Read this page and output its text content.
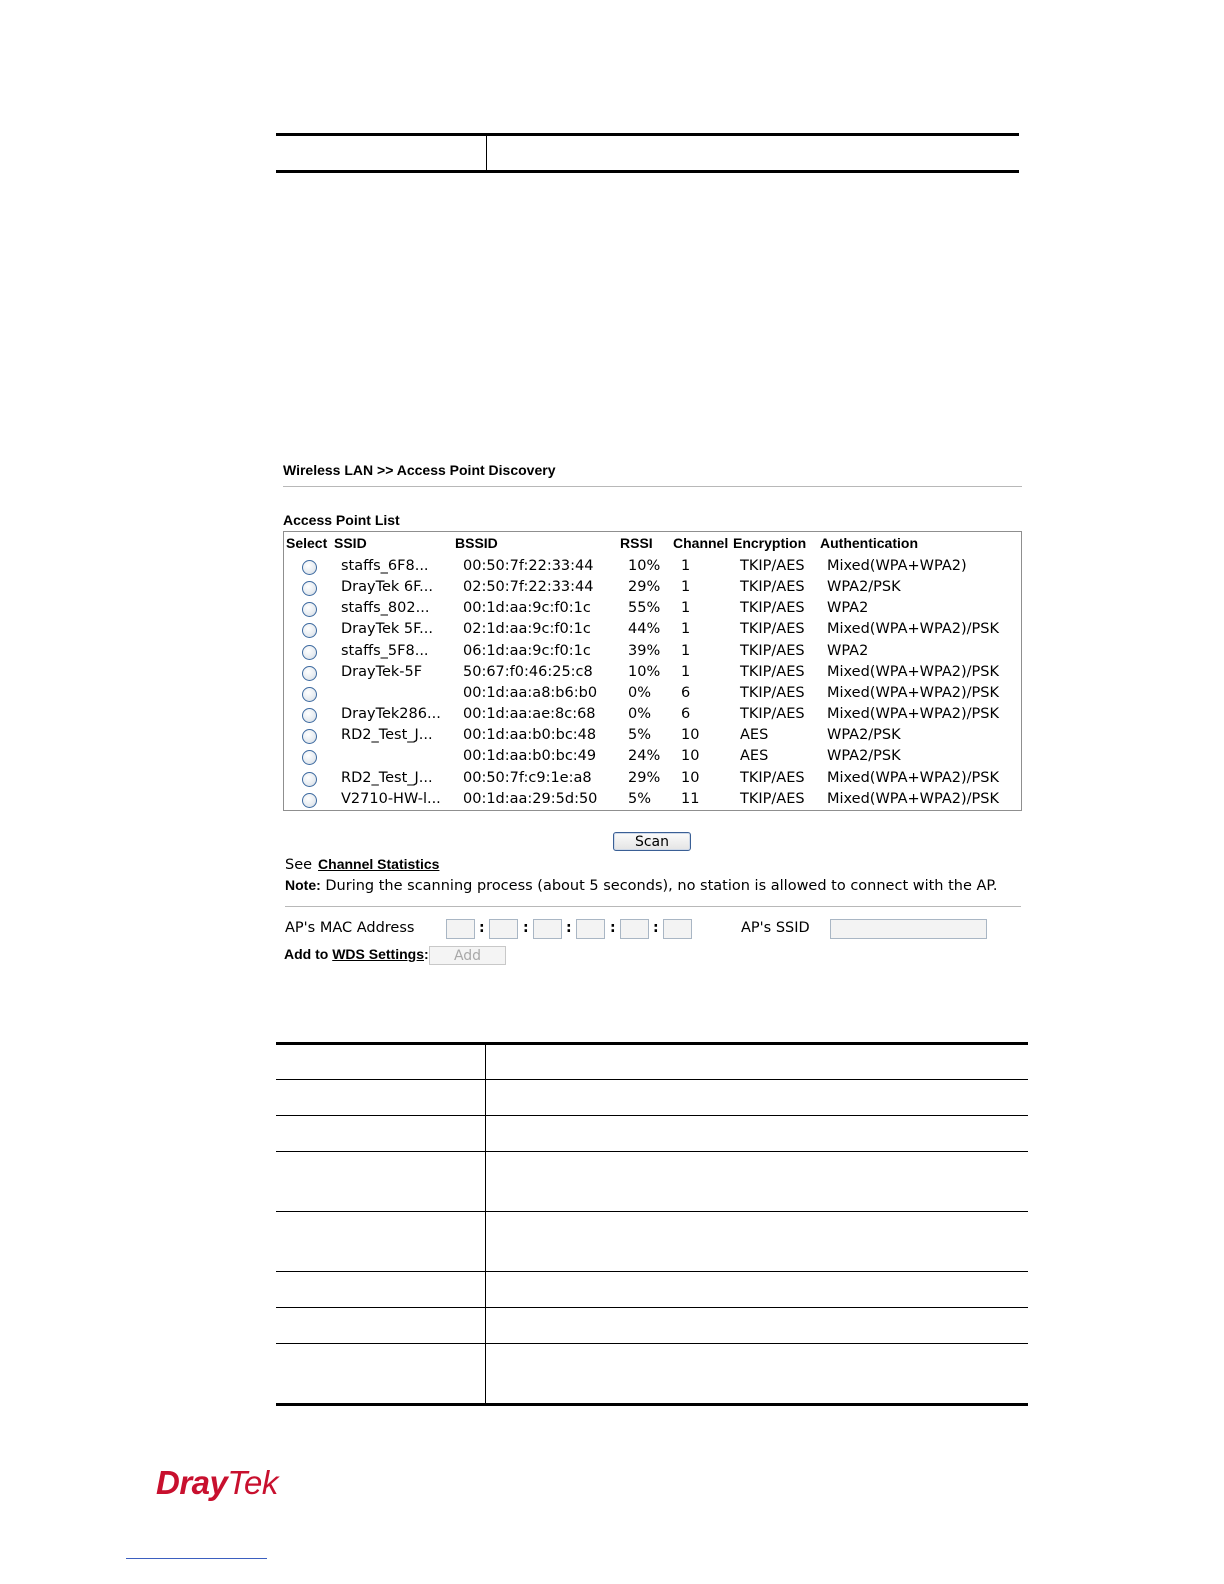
Wireless LAN >> Access Point Discovery
Access Point List
Select SSID	BSSID	RSSI Channel Encryption Authentication
staffs_6F8... 00:50:7f:22:33:44 10% 1	TKIP/AES Mixed(WPA+WPA2)
DrayTek 6F... 02:50:7f:22:33:44 29% 1	TKIP/AES WPA2/PSK
staffs_802... 00:1d:aa:9c:f0:1c	55% 1	TKIP/AES WPA2
DrayTek 5F... 02:1d:aa:9c:f0:1c	44% 1	TKIP/AES Mixed(WPA+WPA2)/PSK
staffs_5F8... 06:1d:aa:9c:f0:1c	39% 1	TKIP/AES WPA2
DrayTek-5F	50:67:f0:46:25:c8 10% 1	TKIP/AES Mixed(WPA+WPA2)/PSK
00:1d:aa:a8:b6:b0 0% 6	TKIP/AES Mixed(WPA+WPA2)/PSK
DrayTek286... 00:1d:aa:ae:8c:68 0% 6	TKIP/AES Mixed(WPA+WPA2)/PSK
RD2_Test_J... 00:1d:aa:b0:bc:48 5% 10	AES	WPA2/PSK
00:1d:aa:b0:bc:49 24% 10	AES	WPA2/PSK
RD2_Test_J... 00:50:7f:c9:1e:a8	29% 10	TKIP/AES Mixed(WPA+WPA2)/PSK
V2710-HW-l... 00:1d:aa:29:5d:50 5% 11	TKIP/AES Mixed(WPA+WPA2)/PSK
Scan
See Channel Statistics
Note: During the scanning process (about 5 seconds), no station is allowed to connect with the AP.
AP's MAC Address	:	:	:	:	:	AP's SSID
Add to WDS Settings:	Add
DrayTek
